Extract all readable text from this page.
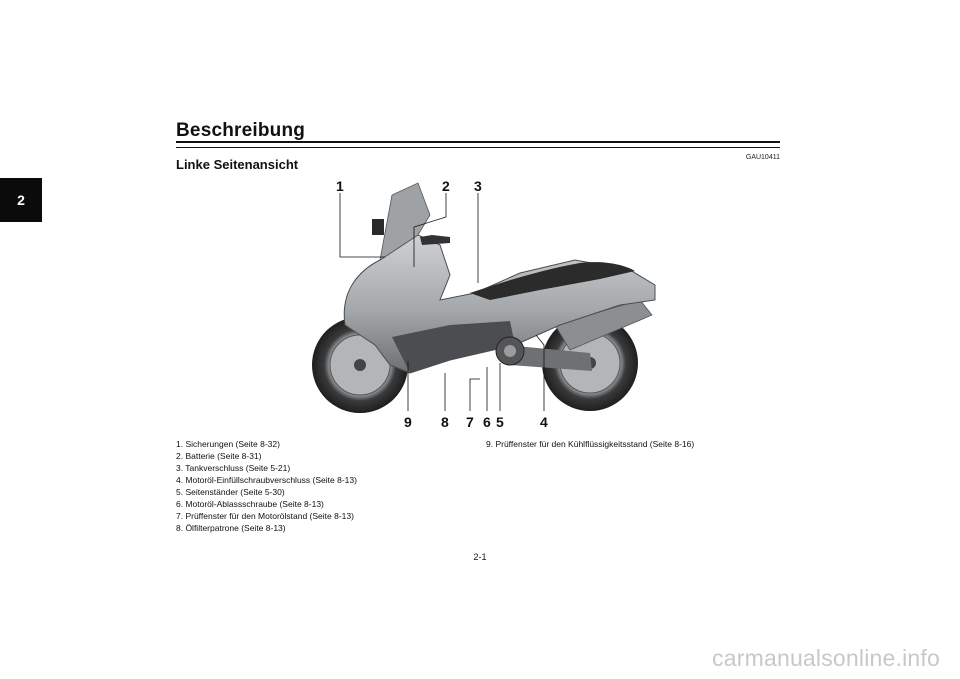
2
Beschreibung
Linke Seitenansicht	GAU10411
1	2 3
4
5
6
7
8
9
1. Sicherungen (Seite 8-32)
2. Batterie (Seite 8-31)
3. Tankverschluss (Seite 5-21)
4. Motoröl-Einfüllschraubverschluss (Seite 8-13)
5. Seitenständer (Seite 5-30)
6. Motoröl-Ablassschraube (Seite 8-13)
7. Prüffenster für den Motorölstand (Seite 8-13)
8. Ölfilterpatrone (Seite 8-13)
9. Prüffenster für den Kühlflüssigkeitsstand (Seite 8-16)
2-1
carmanualsonline.info
